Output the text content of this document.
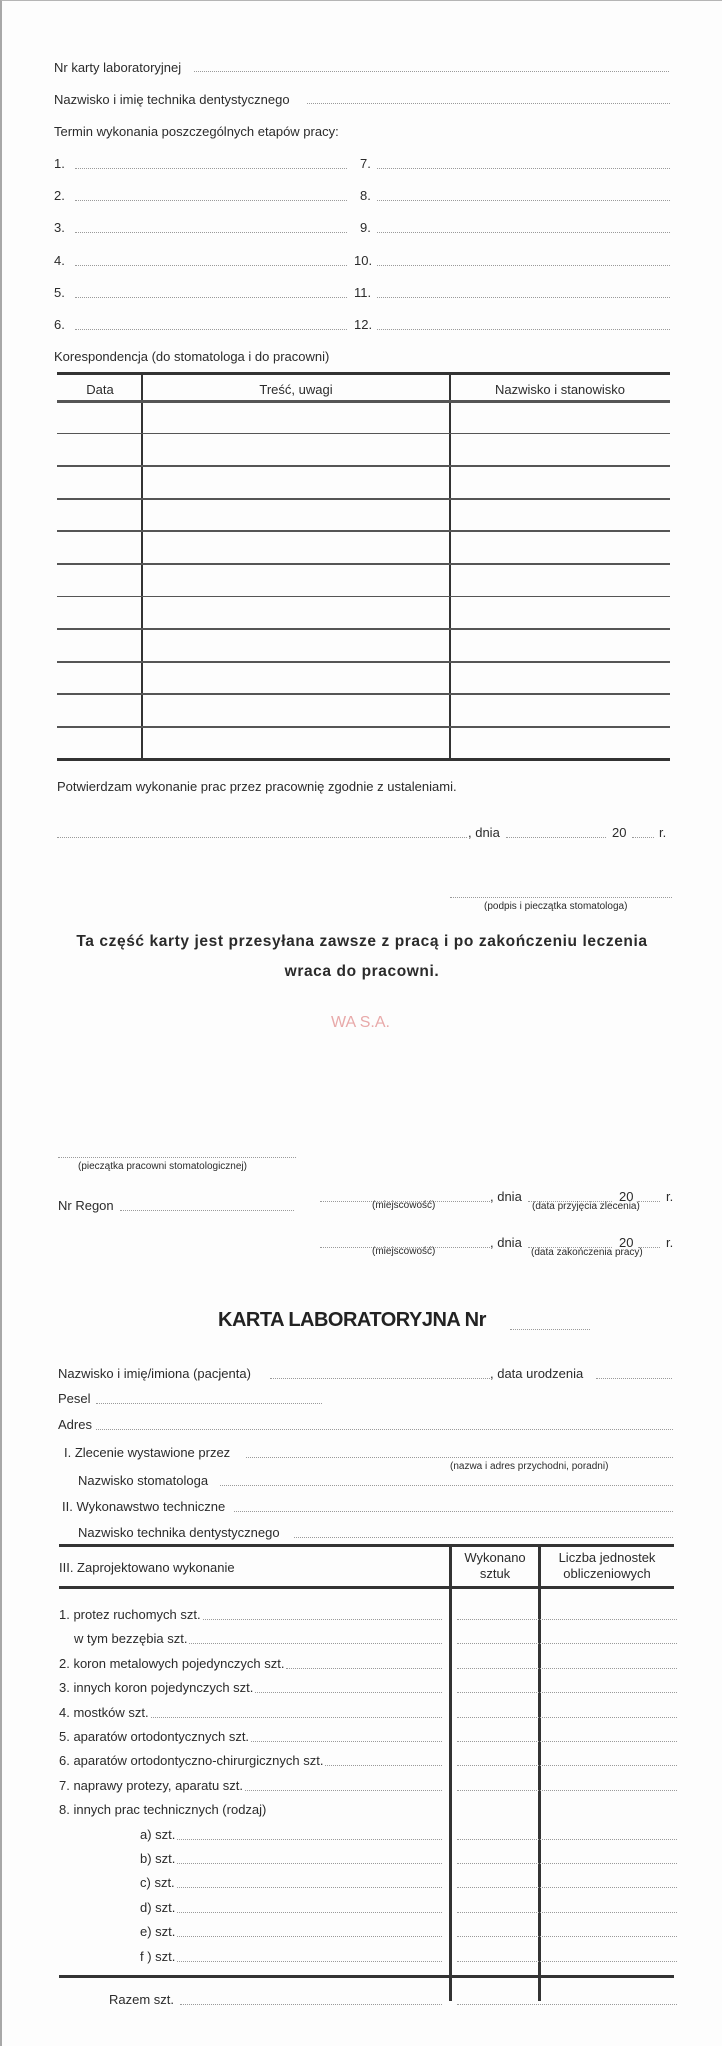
Nr karty laboratoryjnej
Nazwisko i imię technika dentystycznego
Termin wykonania poszczególnych etapów pracy:
Korespondencja (do stomatologa i do pracowni)
Data	Treść, uwagi	Nazwisko i stanowisko
Potwierdzam wykonanie prac przez pracownię zgodnie z ustaleniami.
, dnia	20	r.
(podpis i pieczątka stomatologa)
Ta część karty jest przesyłana zawsze z pracą i po zakończeniu leczenia
wraca do pracowni.
WA S.A.
(pieczątka pracowni stomatologicznej)
Nr Regon
, dnia	20	r.
(miejscowość)	(data przyjęcia zlecenia)
, dnia	20	r.
(miejscowość)	(data zakończenia pracy)
KARTA LABORATORYJNA Nr
Nazwisko i imię/imiona (pacjenta)	, data urodzenia
Pesel
Adres
I. Zlecenie wystawione przez
(nazwa i adres przychodni, poradni)
Nazwisko stomatologa
II. Wykonawstwo techniczne
Nazwisko technika dentystycznego
III. Zaprojektowano wykonanie
Wykonano
sztuk
Liczba jednostek
obliczeniowych
Razem szt.
1.	7.
2.	8.
3.	9.
4.	10.
5.	11.
6.	12.
1. protez ruchomych szt.
w tym bezzębia szt.
2. koron metalowych pojedynczych szt.
3. innych koron pojedynczych szt.
4. mostków szt.
5. aparatów ortodontycznych szt.
6. aparatów ortodontyczno-chirurgicznych szt.
7. naprawy protezy, aparatu szt.
8. innych prac technicznych (rodzaj)
a) szt.
b) szt.
c) szt.
d) szt.
e) szt.
f ) szt.
